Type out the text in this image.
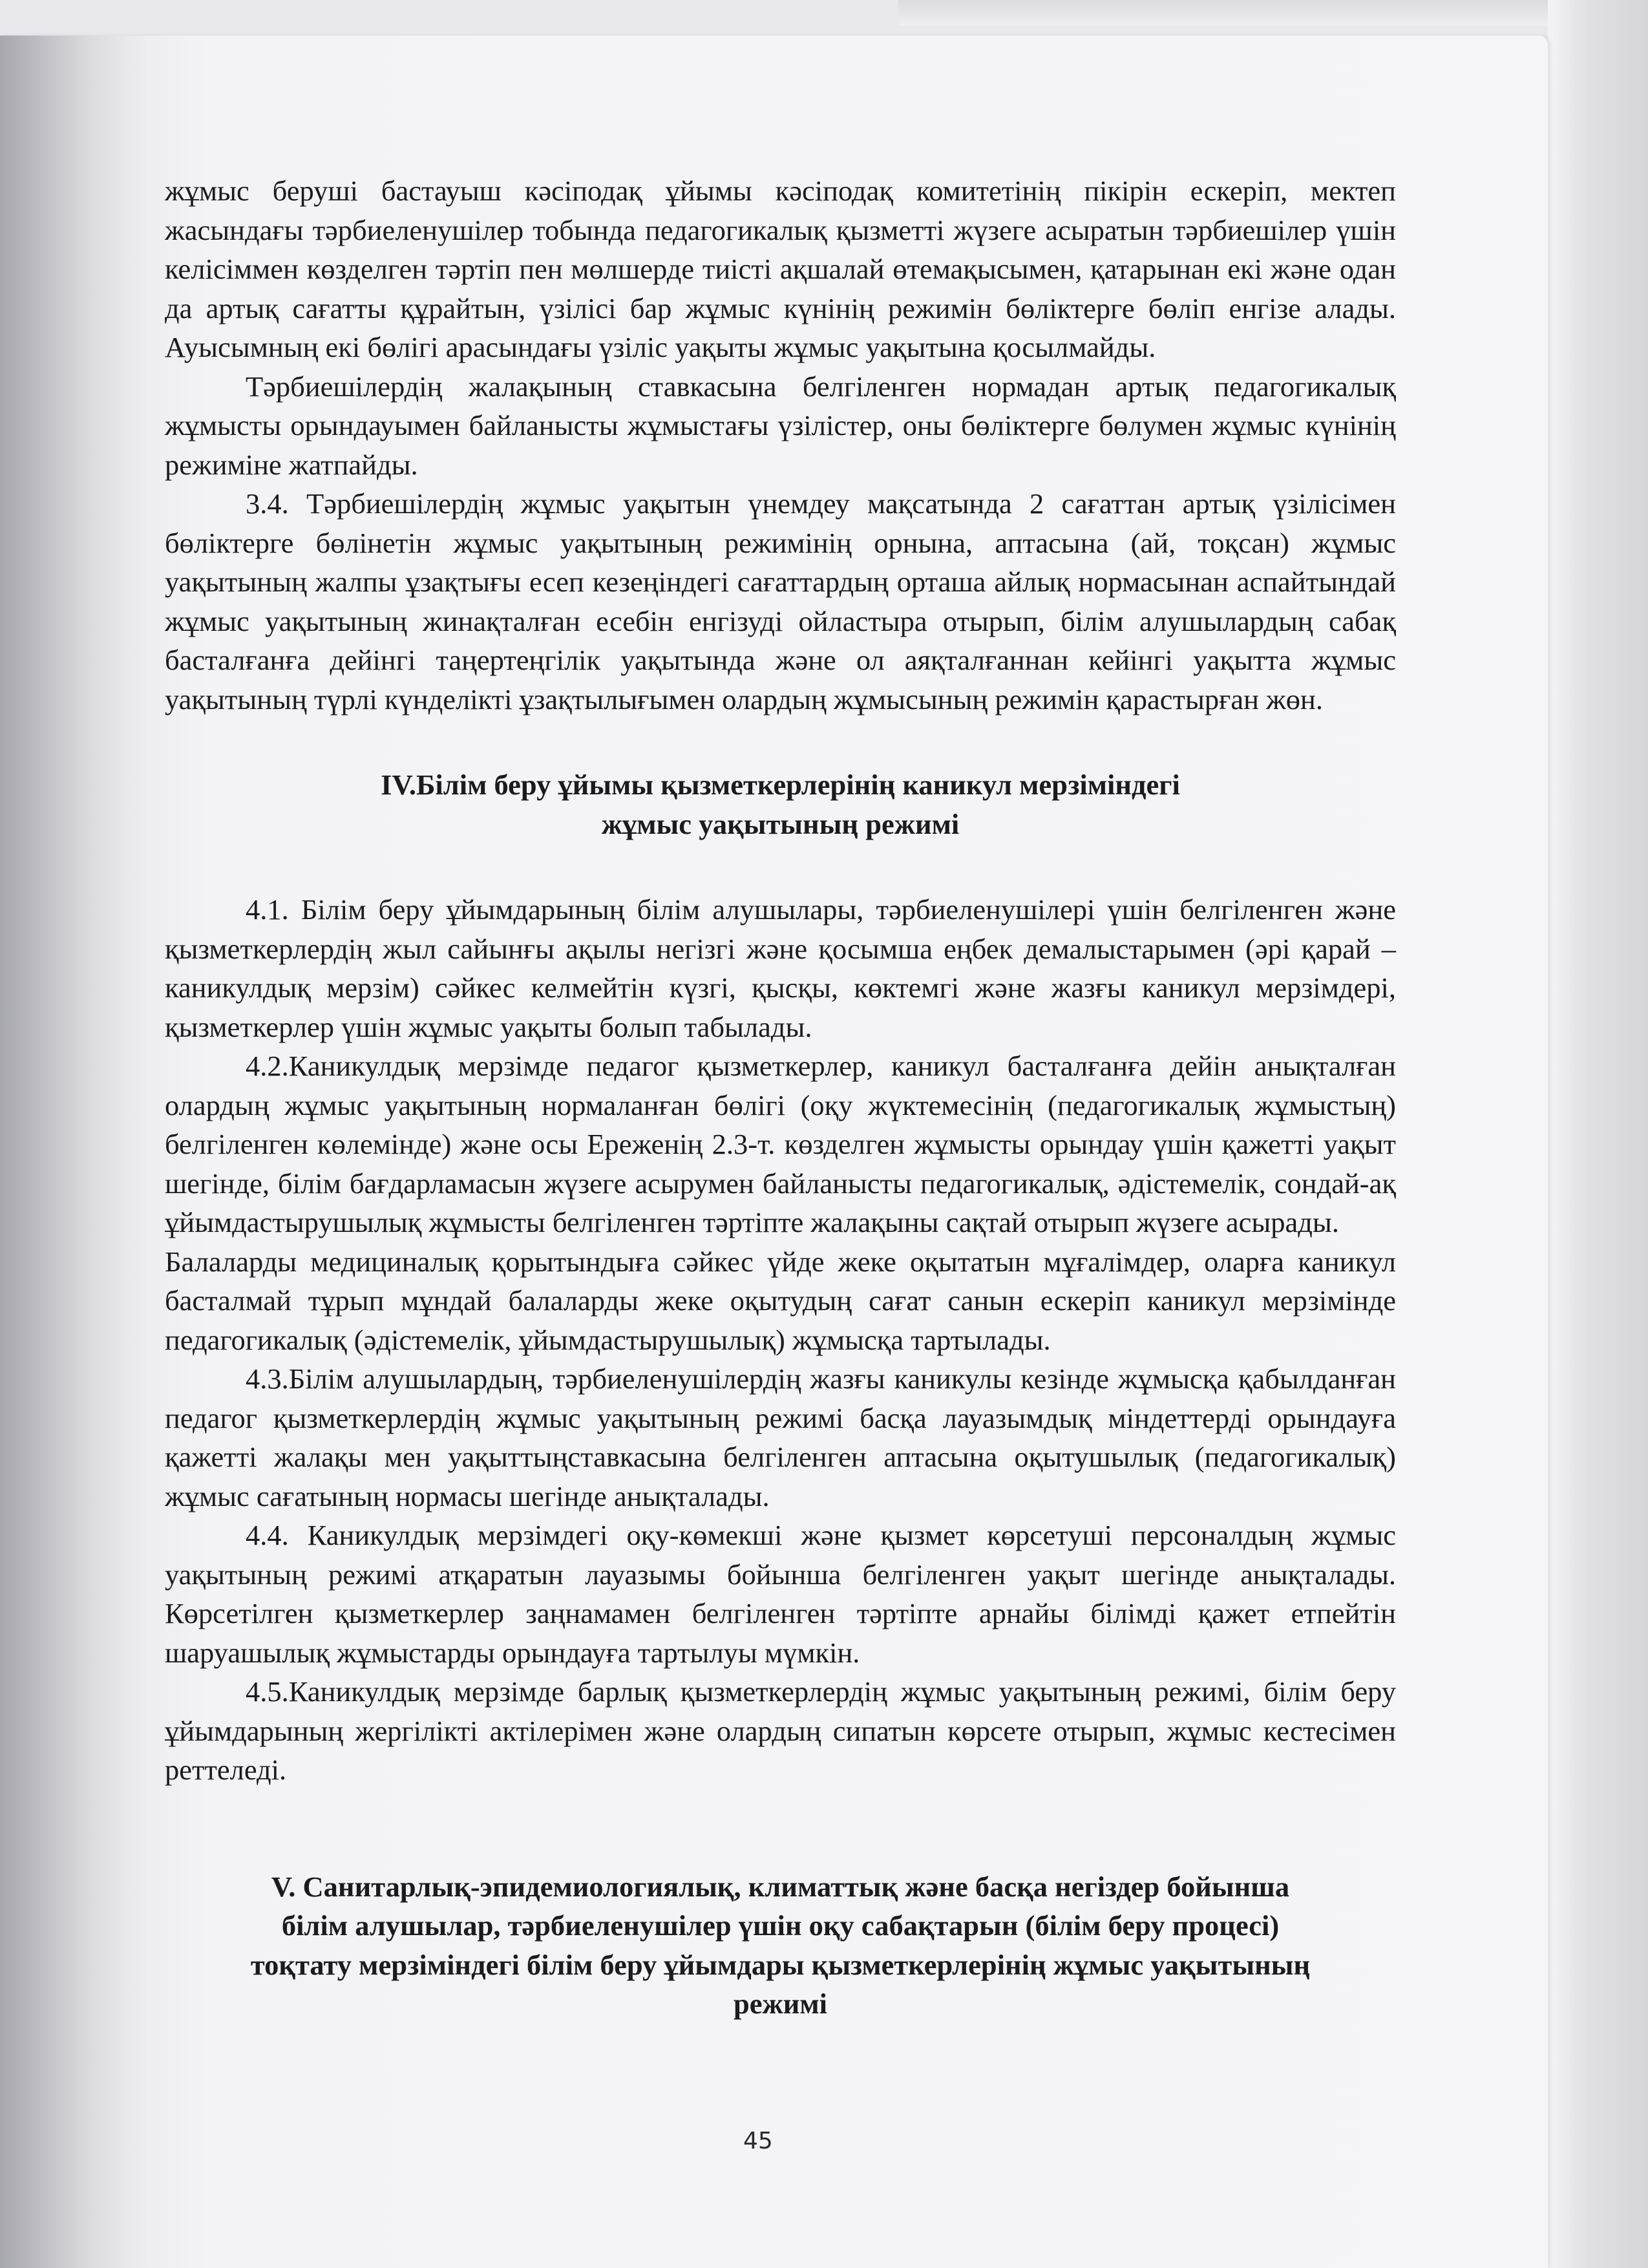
жұмыс беруші бастауыш кәсіподақ ұйымы кәсіподақ комитетінің пікірін ескеріп, мектеп жасындағы тәрбиеленушілер тобында педагогикалық қызметті жүзеге асыратын тәрбиешілер үшін келісіммен көзделген тәртіп пен мөлшерде тиісті ақшалай өтемақысымен, қатарынан екі және одан да артық сағатты құрайтын, үзілісі бар жұмыс күнінің режимін бөліктерге бөліп енгізе алады. Ауысымның екі бөлігі арасындағы үзіліс уақыты жұмыс уақытына қосылмайды.

Тәрбиешілердің жалақының ставкасына белгіленген нормадан артық педагогикалық жұмысты орындауымен байланысты жұмыстағы үзілістер, оны бөліктерге бөлумен жұмыс күнінің режиміне жатпайды.

3.4. Тәрбиешілердің жұмыс уақытын үнемдеу мақсатында 2 сағаттан артық үзілісімен бөліктерге бөлінетін жұмыс уақытының режимінің орнына, аптасына (ай, тоқсан) жұмыс уақытының жалпы ұзақтығы есеп кезеңіндегі сағаттардың орташа айлық нормасынан аспайтындай жұмыс уақытының жинақталған есебін енгізуді ойластыра отырып, білім алушылардың сабақ басталғанға дейінгі таңертеңгілік уақытында және ол аяқталғаннан кейінгі уақытта жұмыс уақытының түрлі күнделікті ұзақтылығымен олардың жұмысының режимін қарастырған жөн.

IV.Білім беру ұйымы қызметкерлерінің каникул мерзіміндегі
жұмыс уақытының режимі

4.1. Білім беру ұйымдарының білім алушылары, тәрбиеленушілері үшін белгіленген және қызметкерлердің жыл сайынғы ақылы негізгі және қосымша еңбек демалыстарымен (әрі қарай – каникулдық мерзім) сәйкес келмейтін күзгі, қысқы, көктемгі және жазғы каникул мерзімдері, қызметкерлер үшін жұмыс уақыты болып табылады.

4.2.Каникулдық мерзімде педагог қызметкерлер, каникул басталғанға дейін анықталған олардың жұмыс уақытының нормаланған бөлігі (оқу жүктемесінің (педагогикалық жұмыстың) белгіленген көлемінде) және осы Ереженің 2.3-т. көзделген жұмысты орындау үшін қажетті уақыт шегінде, білім бағдарламасын жүзеге асырумен байланысты педагогикалық, әдістемелік, сондай-ақ ұйымдастырушылық жұмысты белгіленген тәртіпте жалақыны сақтай отырып жүзеге асырады.

Балаларды медициналық қорытындыға сәйкес үйде жеке оқытатын мұғалімдер, оларға каникул басталмай тұрып мұндай балаларды жеке оқытудың сағат санын ескеріп каникул мерзімінде педагогикалық (әдістемелік, ұйымдастырушылық) жұмысқа тартылады.

4.3.Білім алушылардың, тәрбиеленушілердің жазғы каникулы кезінде жұмысқа қабылданған педагог қызметкерлердің жұмыс уақытының режимі басқа лауазымдық міндеттерді орындауға қажетті жалақы мен уақыттыңставкасына белгіленген аптасына оқытушылық (педагогикалық) жұмыс сағатының нормасы шегінде анықталады.

4.4. Каникулдық мерзімдегі оқу-көмекші және қызмет көрсетуші персоналдың жұмыс уақытының режимі атқаратын лауазымы бойынша белгіленген уақыт шегінде анықталады. Көрсетілген қызметкерлер заңнамамен белгіленген тәртіпте арнайы білімді қажет етпейтін шаруашылық жұмыстарды орындауға тартылуы мүмкін.

4.5.Каникулдық мерзімде барлық қызметкерлердің жұмыс уақытының режимі, білім беру ұйымдарының жергілікті актілерімен және олардың сипатын көрсете отырып, жұмыс кестесімен реттеледі.

V. Санитарлық-эпидемиологиялық, климаттық және басқа негіздер бойынша
білім алушылар, тәрбиеленушілер үшін оқу сабақтарын (білім беру процесі)
тоқтату мерзіміндегі білім беру ұйымдары қызметкерлерінің жұмыс уақытының
режимі
45
